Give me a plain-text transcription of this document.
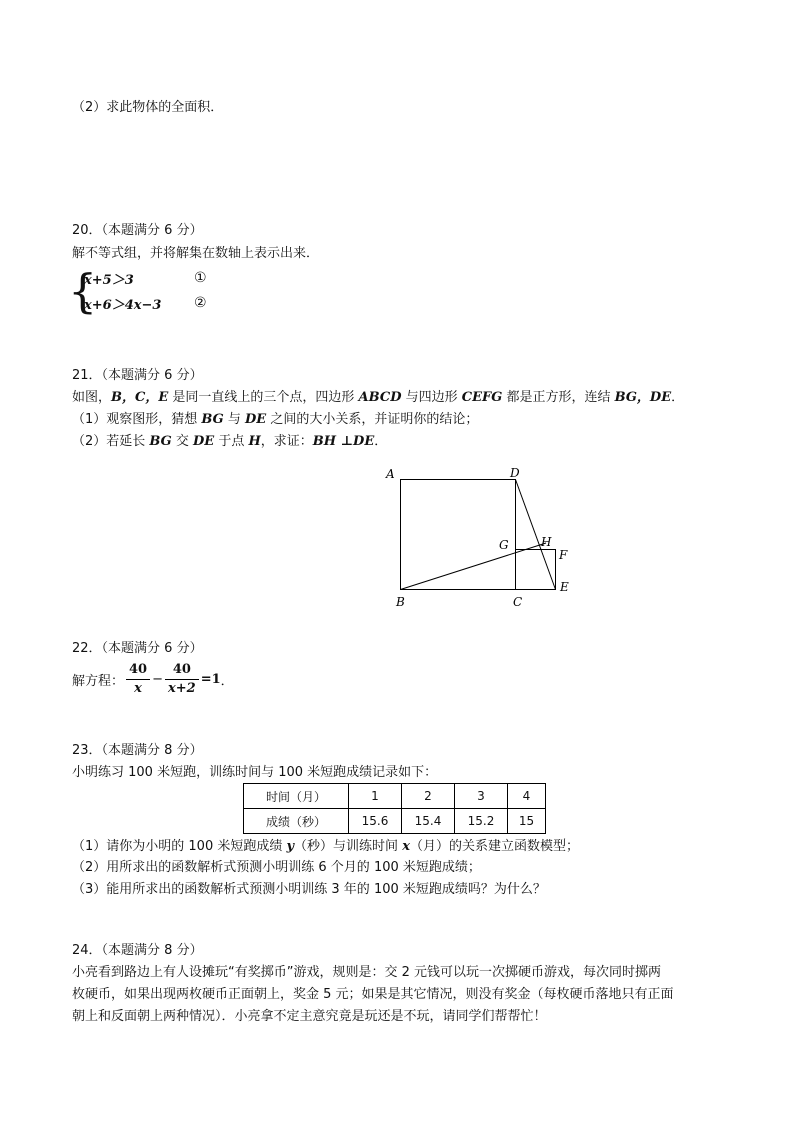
（2）求此物体的全面积．
20．（本题满分 6 分）
解不等式组，并将解集在数轴上表示出来．
{
x+5＞3
x+6＞4x−3
①
②
21．（本题满分 6 分）
如图，B，C，E 是同一直线上的三个点，四边形 ABCD 与四边形 CEFG 都是正方形，连结 BG，DE．
（1）观察图形，猜想 BG 与 DE 之间的大小关系，并证明你的结论；
（2）若延长 BG 交 DE 于点 H，求证：BH ⊥DE．
A
B	C
D
E
F
G	H
22．（本题满分 6 分）
解方程： $\frac{40}{x} - \frac{40}{x+2} =1$ ．
23．（本题满分 8 分）
小明练习 100 米短跑，训练时间与 100 米短跑成绩记录如下：
时间（月）	1	2	3	4
成绩（秒）	15.6	15.4	15.2	15
（1）请你为小明的 100 米短跑成绩 y（秒）与训练时间 x（月）的关系建立函数模型；
（2）用所求出的函数解析式预测小明训练 6 个月的 100 米短跑成绩；
（3）能用所求出的函数解析式预测小明训练 3 年的 100 米短跑成绩吗？为什么？
24．（本题满分 8 分）
小亮看到路边上有人设摊玩“有奖掷币”游戏，规则是：交 2 元钱可以玩一次掷硬币游戏，每次同时掷两
枚硬币，如果出现两枚硬币正面朝上，奖金 5 元；如果是其它情况，则没有奖金（每枚硬币落地只有正面
朝上和反面朝上两种情况）．小亮拿不定主意究竟是玩还是不玩，请同学们帮帮忙！
